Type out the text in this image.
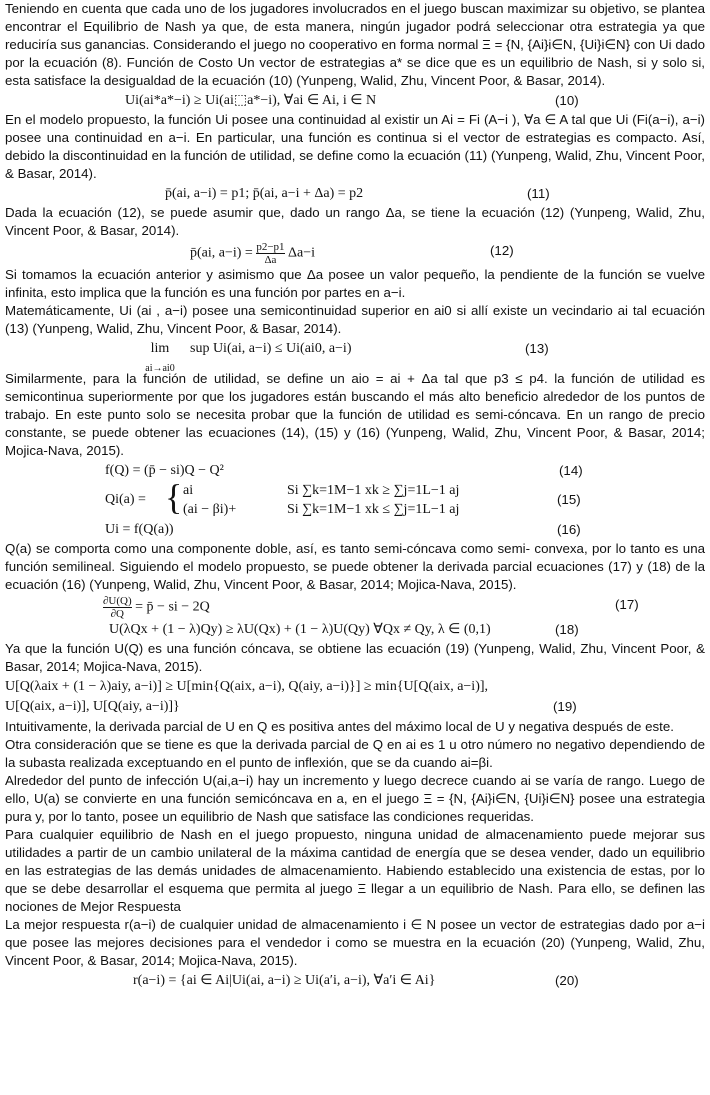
Teniendo en cuenta que cada uno de los jugadores involucrados en el juego buscan maximizar su objetivo, se plantea encontrar el Equilibrio de Nash ya que, de esta manera, ningún jugador podrá seleccionar otra estrategia ya que reduciría sus ganancias. Considerando el juego no cooperativo en forma normal Ξ = {N, {Ai}i∈N, {Ui}i∈N} con Ui dado por la ecuación (8). Función de Costo Un vector de estrategias a* se dice que es un equilibrio de Nash, si y solo si, esta satisface la desigualdad de la ecuación (10) (Yunpeng, Walid, Zhu, Vincent Poor, & Basar, 2014).

Ui(ai*a*−i) ≥ Ui(ai⬚a*−i), ∀ai ∈ Ai, i ∈ N	(10)

En el modelo propuesto, la función Ui posee una continuidad al existir un Ai = Fi (A−i ), ∀a ∈ A tal que Ui (Fi(a−i), a−i) posee una continuidad en a−i. En particular, una función es continua si el vector de estrategias es compacto. Así, debido la discontinuidad en la función de utilidad, se define como la ecuación (11) (Yunpeng, Walid, Zhu, Vincent Poor, & Basar, 2014).

p̄(ai, a−i) = p1; p̄(ai, a−i + Δa) = p2	(11)

Dada la ecuación (12), se puede asumir que, dado un rango Δa, se tiene la ecuación (12) (Yunpeng, Walid, Zhu, Vincent Poor, & Basar, 2014).

p̄(ai, $a-i) = \frac{p2-p1}{\Delta a} \Delta a-i$	(12)

Si tomamos la ecuación anterior y asimismo que Δa posee un valor pequeño, la pendiente de la función se vuelve infinita, esto implica que la función es una función por partes en a−i.

Matemáticamente, Ui (ai , a−i) posee una semicontinuidad superior en ai0 si allí existe un vecindario ai tal ecuación (13) (Yunpeng, Walid, Zhu, Vincent Poor, & Basar, 2014).

lim
ai→ai0
sup Ui(ai, a−i) ≤ Ui(ai0, a−i)	(13)

Similarmente, para la función de utilidad, se define un aio = ai + Δa tal que p3 ≤ p4. la función de utilidad es semicontinua superiormente por que los jugadores están buscando el más alto beneficio alrededor de los puntos de trabajo. En este punto solo se necesita probar que la función de utilidad es semi-cóncava. En un rango de precio constante, se puede obtener las ecuaciones (14), (15) y (16) (Yunpeng, Walid, Zhu, Vincent Poor, & Basar, 2014; Mojica-Nava, 2015).

f(Q) = (p̄ − si)Q − Q²	(14)
Qi(a) = { ai	Si ∑k=1M−1 xk ≥ ∑j=1L−1 aj
(ai − βi)+	Si ∑k=1M−1 xk ≤ ∑j=1L−1 aj
(15)
Ui = f(Q(a))	(16)

Q(a) se comporta como una componente doble, así, es tanto semi-cóncava como semi- convexa, por lo tanto es una función semilineal. Siguiendo el modelo propuesto, se puede obtener la derivada parcial ecuaciones (17) y (18) de la ecuación (16) (Yunpeng, Walid, Zhu, Vincent Poor, & Basar, 2014; Mojica-Nava, 2015).

$\frac{\partial U(Q)}{\partial Q}$ = p̄ − si − 2Q	(17)
U(λQx + (1 − λ)Qy) ≥ λU(Qx) + (1 − λ)U(Qy) ∀Qx ≠ Qy, λ ∈ (0,1)	(18)

Ya que la función U(Q) es una función cóncava, se obtiene las ecuación (19) (Yunpeng, Walid, Zhu, Vincent Poor, & Basar, 2014; Mojica-Nava, 2015).

U[Q(λaix + (1 − λ)aiy, a−i)] ≥ U[min{Q(aix, a−i), Q(aiy, a−i)}] ≥ min{U[Q(aix, a−i)],
U[Q(aix, a−i)], U[Q(aiy, a−i)]}	(19)

Intuitivamente, la derivada parcial de U en Q es positiva antes del máximo local de U y negativa después de este.

Otra consideración que se tiene es que la derivada parcial de Q en ai es 1 u otro número no negativo dependiendo de la subasta realizada exceptuando en el punto de inflexión, que se da cuando ai=βi.

Alrededor del punto de infección U(ai,a−i) hay un incremento y luego decrece cuando ai se varía de rango. Luego de ello, U(a) se convierte en una función semicóncava en a, en el juego Ξ = {N, {Ai}i∈N, {Ui}i∈N} posee una estrategia pura y, por lo tanto, posee un equilibrio de Nash que satisface las condiciones requeridas.

Para cualquier equilibrio de Nash en el juego propuesto, ninguna unidad de almacenamiento puede mejorar sus utilidades a partir de un cambio unilateral de la máxima cantidad de energía que se desea vender, dado un equilibrio en las estrategias de las demás unidades de almacenamiento. Habiendo establecido una existencia de estas, por lo que se debe desarrollar el esquema que permita al juego Ξ llegar a un equilibrio de Nash. Para ello, se definen las nociones de Mejor Respuesta

La mejor respuesta r(a−i) de cualquier unidad de almacenamiento i ∈ N posee un vector de estrategias dado por a−i que posee las mejores decisiones para el vendedor i como se muestra en la ecuación (20) (Yunpeng, Walid, Zhu, Vincent Poor, & Basar, 2014; Mojica-Nava, 2015).

r(a−i) = {ai ∈ Ai|Ui(ai, a−i) ≥ Ui(a′i, a−i), ∀a′i ∈ Ai}	(20)
